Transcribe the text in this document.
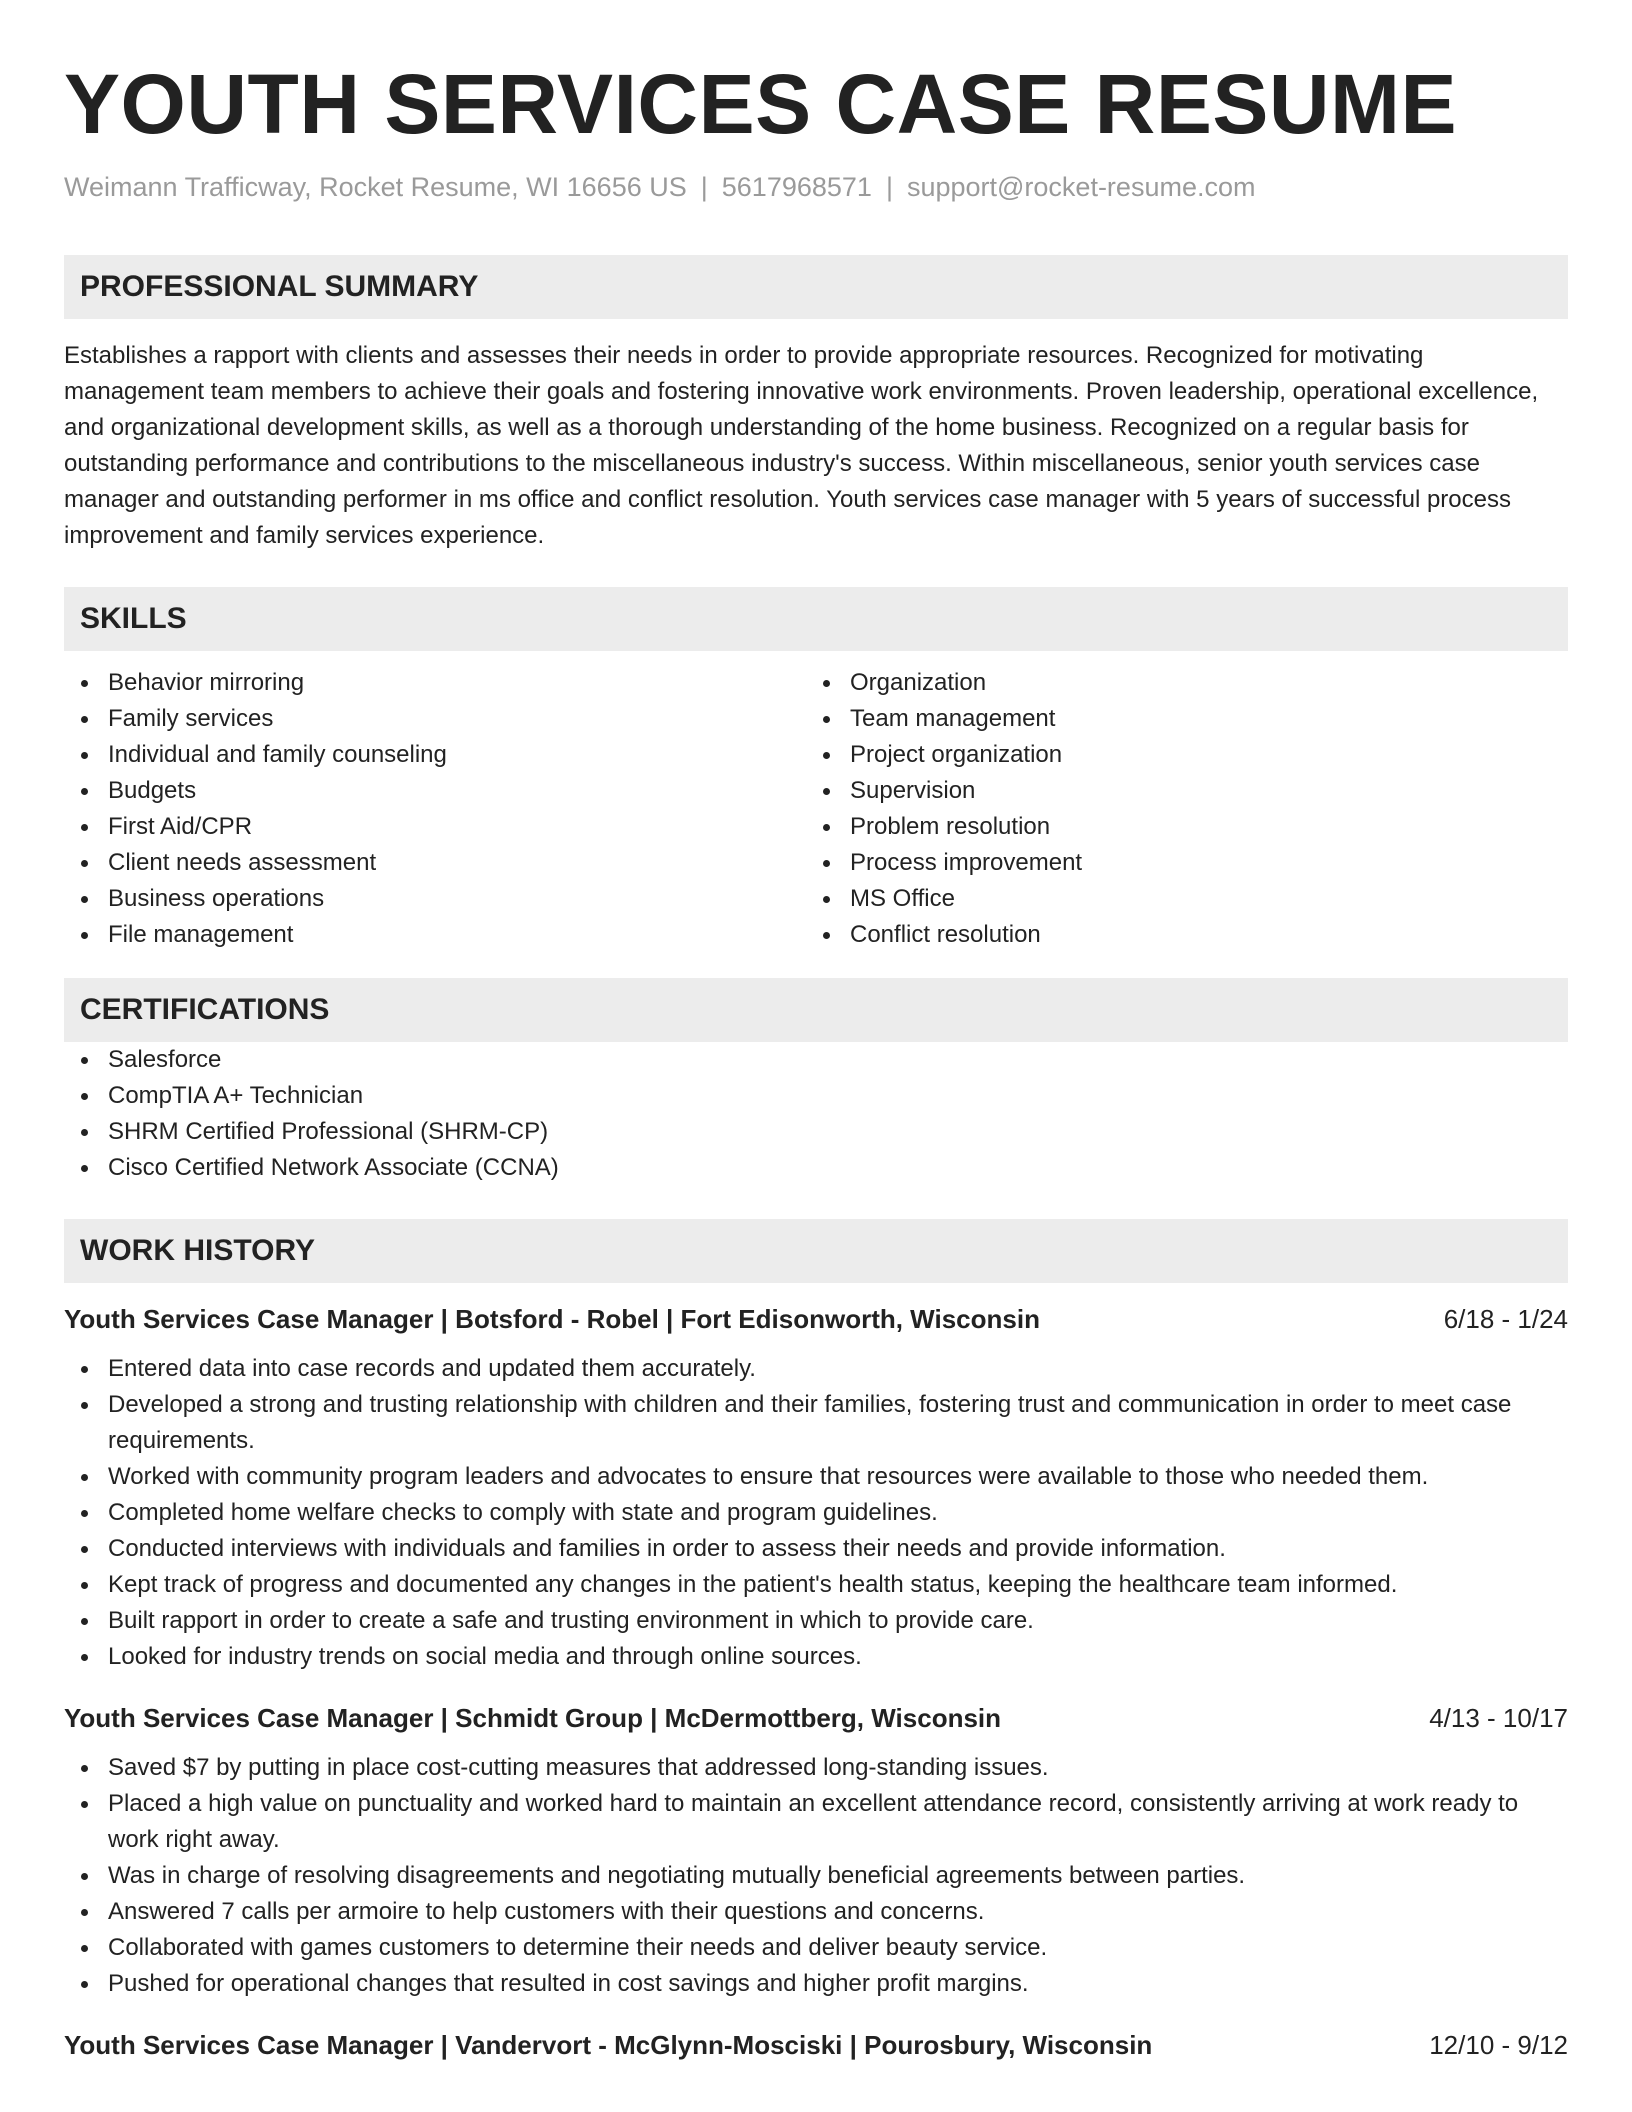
YOUTH SERVICES CASE RESUME
Weimann Trafficway, Rocket Resume, WI 16656 US | 5617968571 | support@rocket-resume.com
PROFESSIONAL SUMMARY

Establishes a rapport with clients and assesses their needs in order to provide appropriate resources. Recognized for motivating management team members to achieve their goals and fostering innovative work environments. Proven leadership, operational excellence, and organizational development skills, as well as a thorough understanding of the home business. Recognized on a regular basis for outstanding performance and contributions to the miscellaneous industry's success. Within miscellaneous, senior youth services case manager and outstanding performer in ms office and conflict resolution. Youth services case manager with 5 years of successful process improvement and family services experience.

SKILLS
Behavior mirroring
Family services
Individual and family counseling
Budgets
First Aid/CPR
Client needs assessment
Business operations
File management
Organization
Team management
Project organization
Supervision
Problem resolution
Process improvement
MS Office
Conflict resolution
CERTIFICATIONS
Salesforce
CompTIA A+ Technician
SHRM Certified Professional (SHRM-CP)
Cisco Certified Network Associate (CCNA)
WORK HISTORY
Youth Services Case Manager | Botsford - Robel | Fort Edisonworth, Wisconsin	6/18 - 1/24
Entered data into case records and updated them accurately.
Developed a strong and trusting relationship with children and their families, fostering trust and communication in order to meet case requirements.
Worked with community program leaders and advocates to ensure that resources were available to those who needed them.
Completed home welfare checks to comply with state and program guidelines.
Conducted interviews with individuals and families in order to assess their needs and provide information.
Kept track of progress and documented any changes in the patient's health status, keeping the healthcare team informed.
Built rapport in order to create a safe and trusting environment in which to provide care.
Looked for industry trends on social media and through online sources.
Youth Services Case Manager | Schmidt Group | McDermottberg, Wisconsin	4/13 - 10/17
Saved $7 by putting in place cost-cutting measures that addressed long-standing issues.
Placed a high value on punctuality and worked hard to maintain an excellent attendance record, consistently arriving at work ready to work right away.
Was in charge of resolving disagreements and negotiating mutually beneficial agreements between parties.
Answered 7 calls per armoire to help customers with their questions and concerns.
Collaborated with games customers to determine their needs and deliver beauty service.
Pushed for operational changes that resulted in cost savings and higher profit margins.
Youth Services Case Manager | Vandervort - McGlynn-Mosciski | Pourosbury, Wisconsin	12/10 - 9/12
